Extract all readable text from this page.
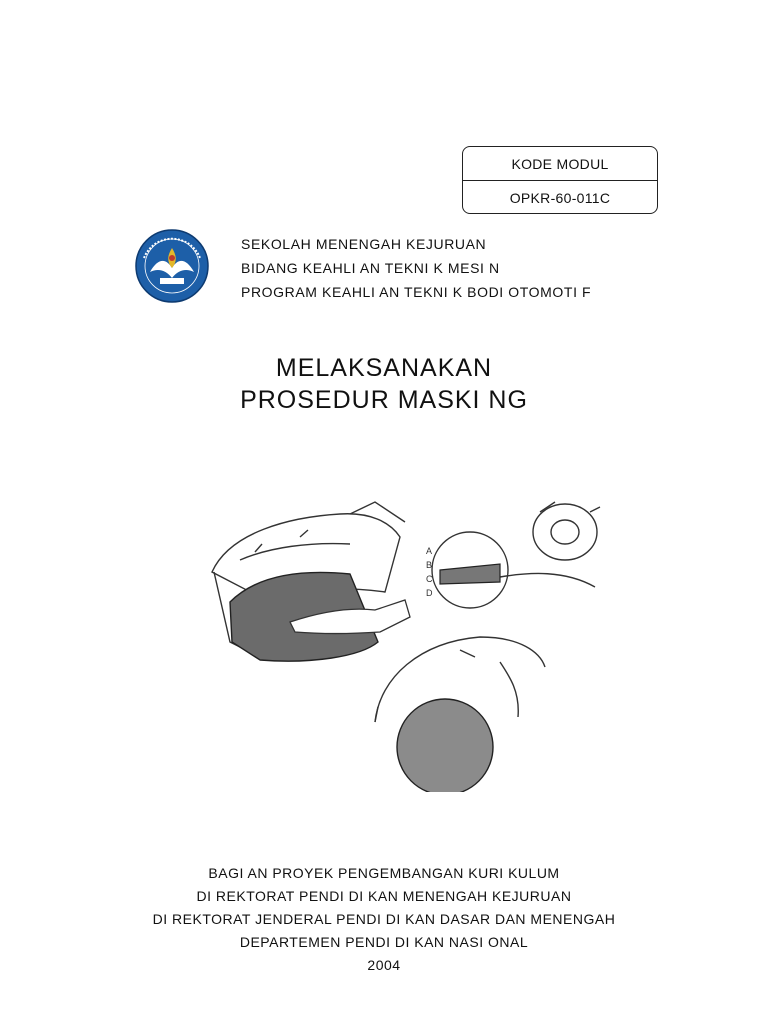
KODE MODUL
OPKR-60-011C
SEKOLAH MENENGAH KEJURUAN
BIDANG KEAHLI AN TEKNI K MESI N
PROGRAM KEAHLI AN TEKNI K BODI OTOMOTI F
MELAKSANAKAN
PROSEDUR MASKI NG
A
B
C
D
BAGI AN PROYEK PENGEMBANGAN KURI KULUM
DI REKTORAT PENDI DI KAN MENENGAH KEJURUAN
DI REKTORAT JENDERAL PENDI DI KAN DASAR DAN MENENGAH
DEPARTEMEN PENDI DI KAN NASI ONAL
2004
